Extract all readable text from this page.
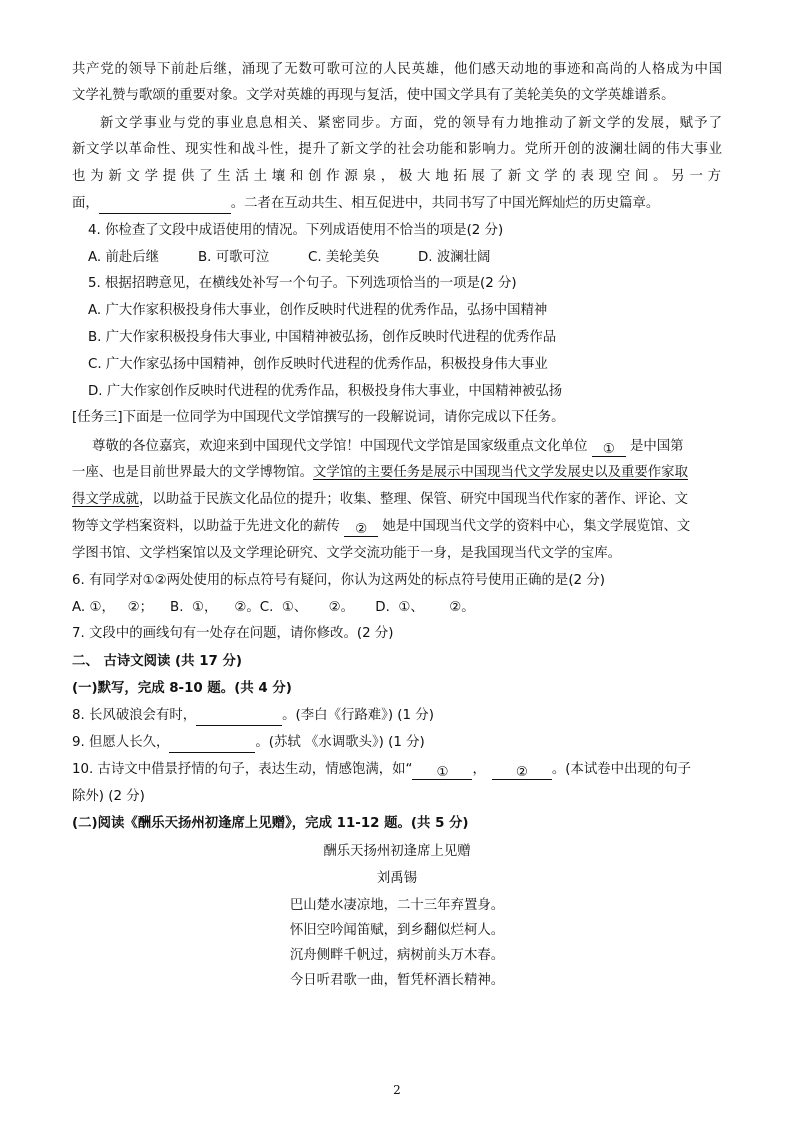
共产党的领导下前赴后继，涌现了无数可歌可泣的人民英雄，他们感天动地的事迹和高尚的人格成为中国
文学礼赞与歌颂的重要对象。文学对英雄的再现与复活，使中国文学具有了美轮美奂的文学英雄谱系。
新文学事业与党的事业息息相关、紧密同步。方面，党的领导有力地推动了新文学的发展，赋予了
新文学以革命性、现实性和战斗性，提升了新文学的社会功能和影响力。党所开创的波澜壮阔的伟大事业
也为新文学提供了生活土壤和创作源泉，极大地拓展了新文学的表现空间。另一方
面，	。二者在互动共生、相互促进中，共同书写了中国光辉灿烂的历史篇章。
4. 你检查了文段中成语使用的情况。下列成语使用不恰当的项是(2 分)
A. 前赴后继	B. 可歌可泣	C. 美轮美奂	D. 波澜壮阔
5. 根据招聘意见，在横线处补写一个句子。下列选项恰当的一项是(2 分)
A. 广大作家积极投身伟大事业，创作反映时代进程的优秀作品，弘扬中国精神
B. 广大作家积极投身伟大事业, 中国精神被弘扬，创作反映时代进程的优秀作品
C. 广大作家弘扬中国精神，创作反映时代进程的优秀作品，积极投身伟大事业
D. 广大作家创作反映时代进程的优秀作品，积极投身伟大事业，中国精神被弘扬
[任务三]下面是一位同学为中国现代文学馆撰写的一段解说词，请你完成以下任务。
尊敬的各位嘉宾，欢迎来到中国现代文学馆！中国现代文学馆是国家级重点文化单位 ① 是中国第
一座、也是目前世界最大的文学博物馆。文学馆的主要任务是展示中国现当代文学发展史以及重要作家取
得文学成就，以助益于民族文化品位的提升；收集、整理、保管、研究中国现当代作家的著作、评论、文
物等文学档案资料，以助益于先进文化的薪传 ② 她是中国现当代文学的资料中心，集文学展览馆、文
学图书馆、文学档案馆以及文学理论研究、文学交流功能于一身，是我国现当代文学的宝库。
6. 有同学对①②两处使用的标点符号有疑问，你认为这两处的标点符号使用正确的是(2 分)
A. ①，   ②；    B.  ①，    ②。C.  ①、     ②。     D.  ①、      ②。
7. 文段中的画线句有一处存在问题，请你修改。(2 分)
二、 古诗文阅读 (共 17 分)
(一)默写，完成 8-10 题。(共 4 分)
8. 长风破浪会有时，	。(李白《行路难》) (1 分)
9. 但愿人长久，	。(苏轼 《水调歌头》) (1 分)
10. 古诗文中借景抒情的句子，表达生动，情感饱满，如“ ① ， ② 。(本试卷中出现的句子
除外) (2 分)
(二)阅读《酬乐天扬州初逢席上见赠》，完成 11-12 题。(共 5 分)
酬乐天扬州初逢席上见赠
刘禹锡
巴山楚水凄凉地，二十三年弃置身。
怀旧空吟闻笛赋，到乡翻似烂柯人。
沉舟侧畔千帆过，病树前头万木春。
今日听君歌一曲，暂凭杯酒长精神。
2
